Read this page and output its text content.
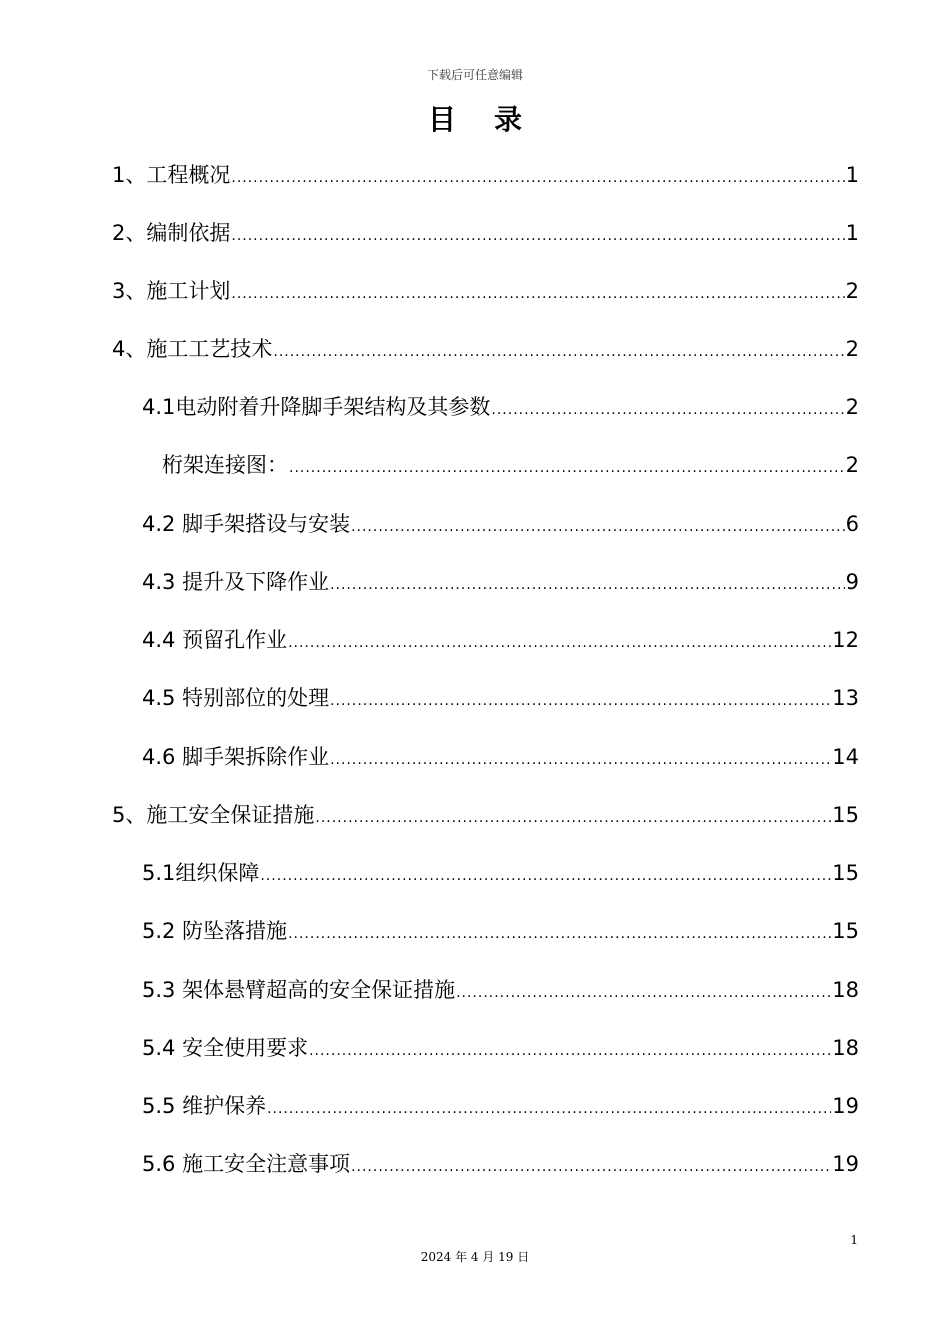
下载后可任意编辑
目录
1、工程概况 .....	1
2、编制依据 .....	1
3、施工计划 .....	2
4、施工工艺技术 .....	2
4.1电动附着升降脚手架结构及其参数 .....	2
桁架连接图： .....	2
4.2 脚手架搭设与安装 .....	6
4.3 提升及下降作业 .....	9
4.4 预留孔作业 .....	12
4.5 特别部位的处理 .....	13
4.6 脚手架拆除作业 .....	14
5、施工安全保证措施 .....	15
5.1组织保障 .....	15
5.2 防坠落措施 .....	15
5.3 架体悬臂超高的安全保证措施 .....	18
5.4 安全使用要求 .....	18
5.5 维护保养 .....	19
5.6 施工安全注意事项 .....	19
1
2024 年 4 月 19 日
